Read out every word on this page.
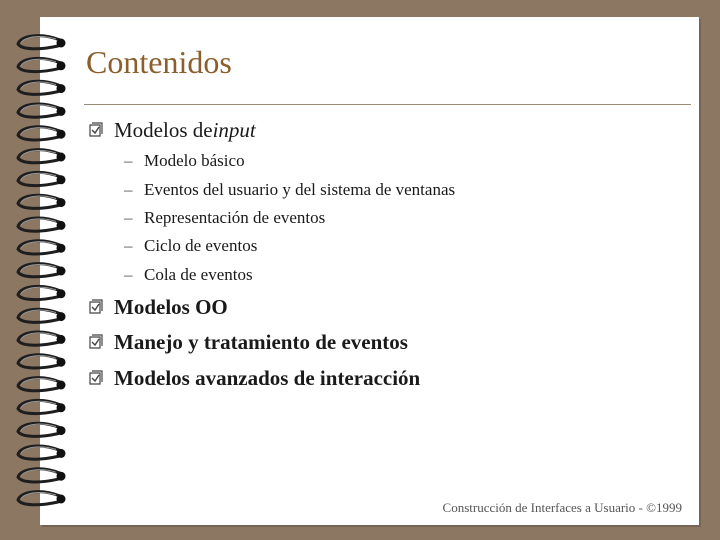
Contenidos
Modelos de input
– Modelo básico
– Eventos del usuario y del sistema de ventanas
– Representación de eventos
– Ciclo de eventos
– Cola de eventos
Modelos OO
Manejo y tratamiento de eventos
Modelos avanzados de interacción
Construcción de Interfaces a Usuario - ©1999
